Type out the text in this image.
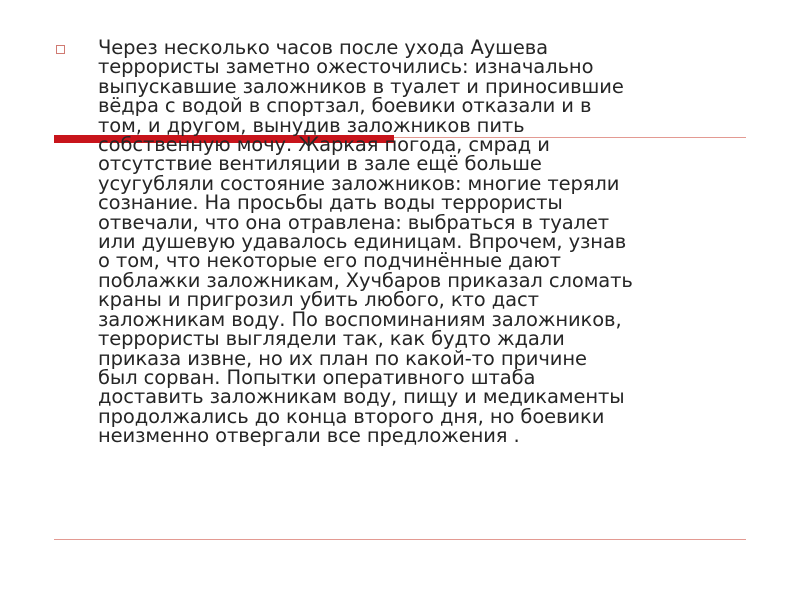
Через несколько часов после ухода Аушева
террористы заметно ожесточились: изначально
выпускавшие заложников в туалет и приносившие
вёдра с водой в спортзал, боевики отказали и в
том, и другом, вынудив заложников пить
собственную мочу. Жаркая погода, смрад и
отсутствие вентиляции в зале ещё больше
усугубляли состояние заложников: многие теряли
сознание. На просьбы дать воды террористы
отвечали, что она отравлена: выбраться в туалет
или душевую удавалось единицам. Впрочем, узнав
о том, что некоторые его подчинённые дают
поблажки заложникам, Хучбаров приказал сломать
краны и пригрозил убить любого, кто даст
заложникам воду. По воспоминаниям заложников,
террористы выглядели так, как будто ждали
приказа извне, но их план по какой-то причине
был сорван. Попытки оперативного штаба
доставить заложникам воду, пищу и медикаменты
продолжались до конца второго дня, но боевики
неизменно отвергали все предложения .
